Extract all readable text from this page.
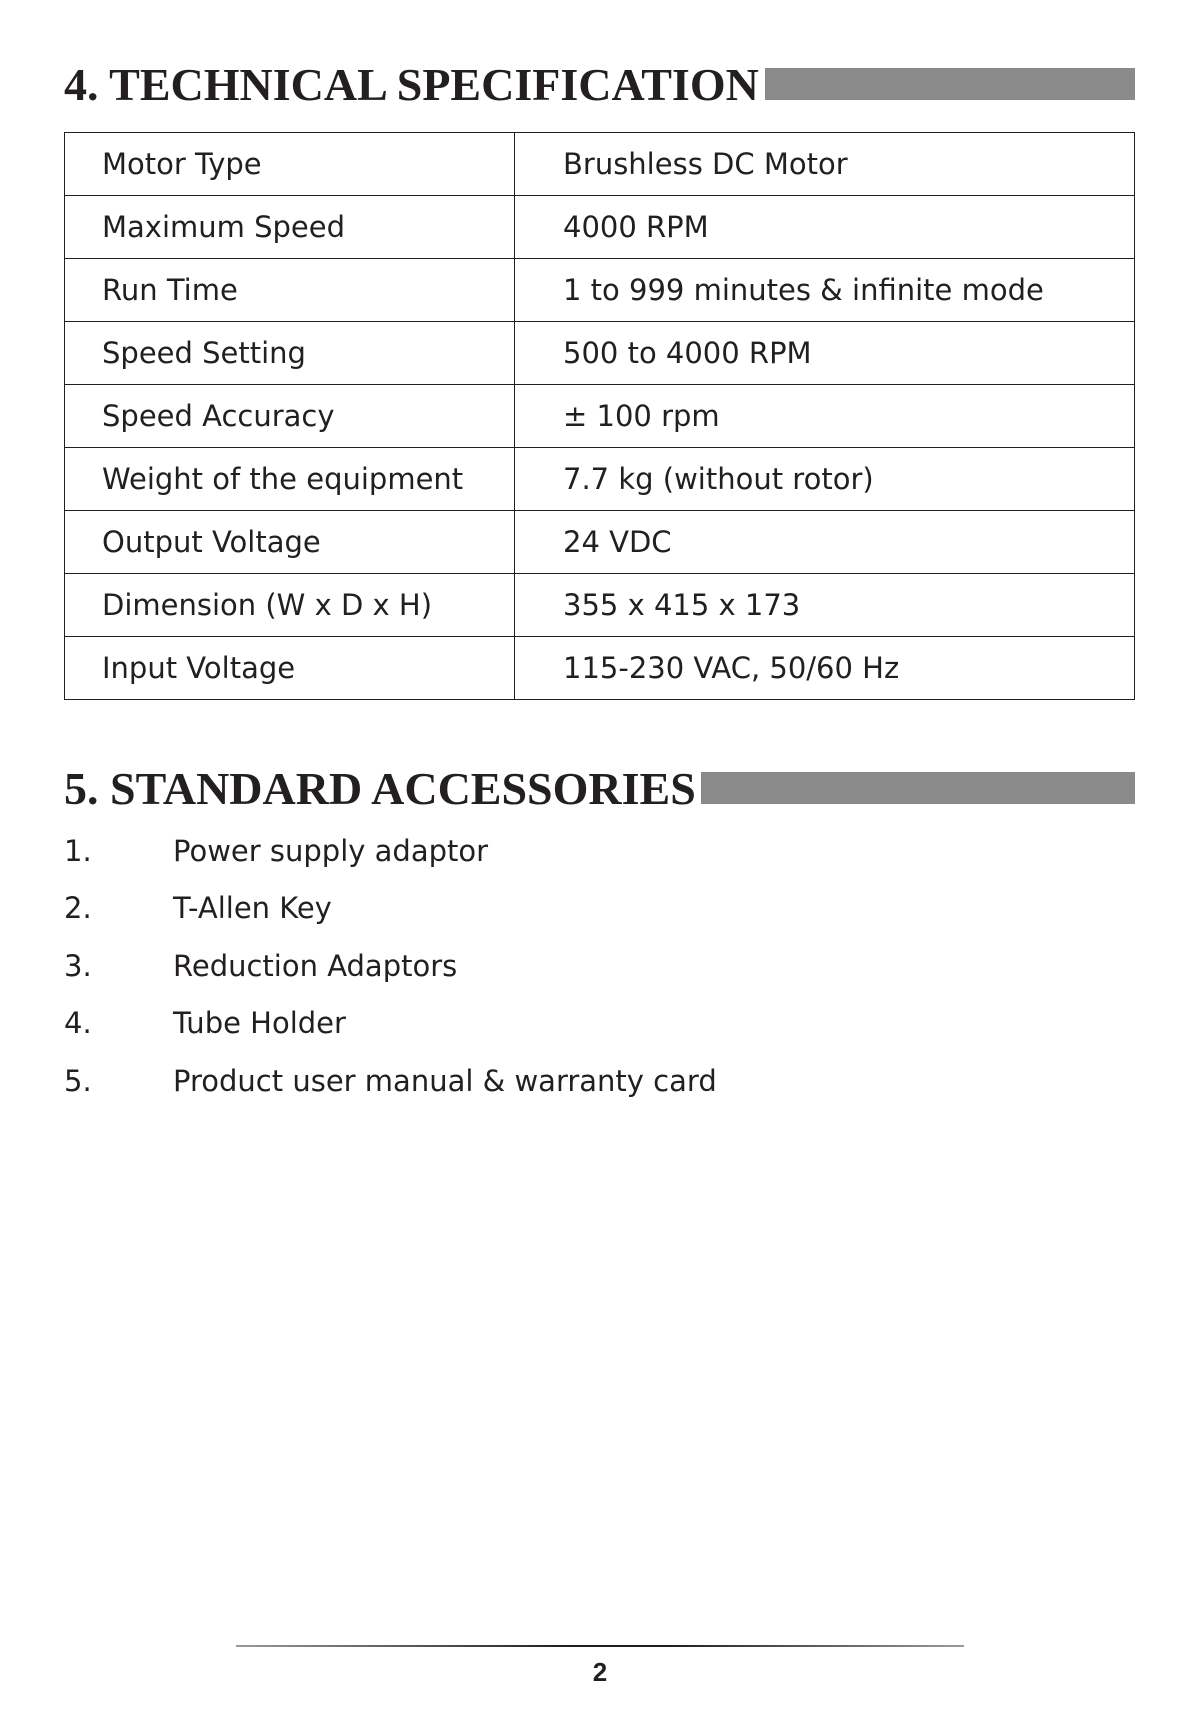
4. TECHNICAL SPECIFICATION
Motor Type	Brushless DC Motor
Maximum Speed	4000 RPM
Run Time	1 to 999 minutes & infinite mode
Speed Setting	500 to 4000 RPM
Speed Accuracy	± 100 rpm
Weight of the equipment	7.7 kg (without rotor)
Output Voltage	24 VDC
Dimension (W x D x H)	355 x 415 x 173
Input Voltage	115-230 VAC, 50/60 Hz
5. STANDARD ACCESSORIES
1.	Power supply adaptor
2.	T-Allen Key
3.	Reduction Adaptors
4.	Tube Holder
5.	Product user manual & warranty card
2
